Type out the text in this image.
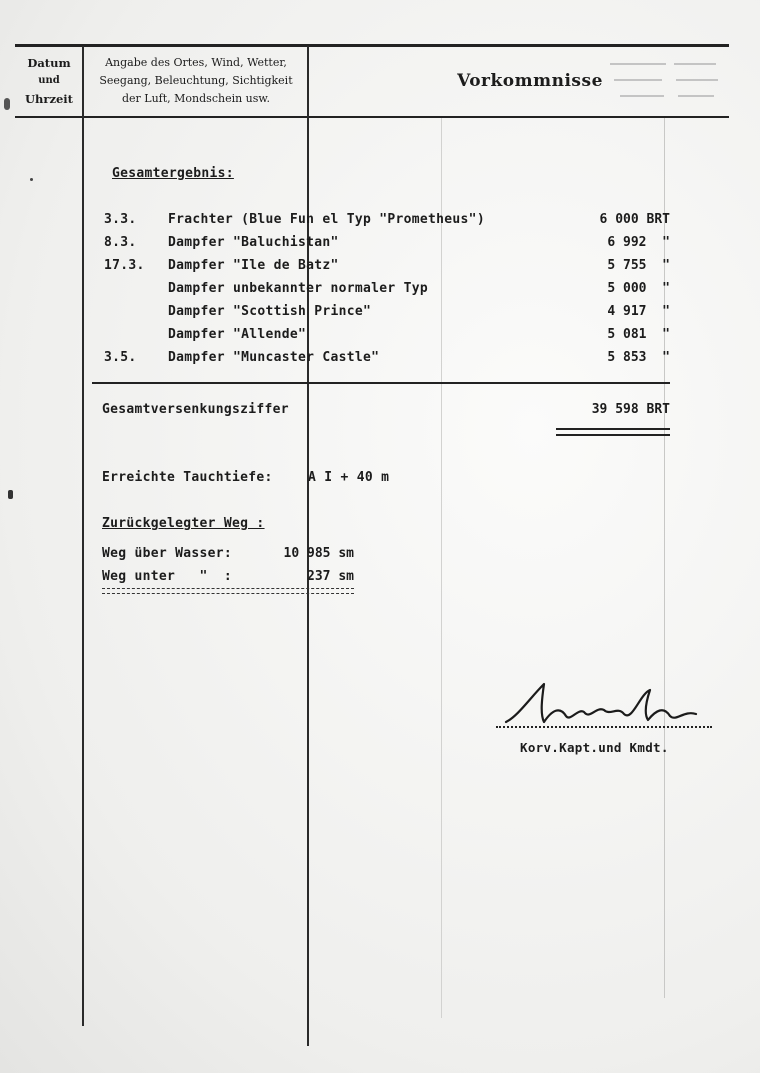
Datum
und
Uhrzeit
Angabe des Ortes, Wind, Wetter,
Seegang, Beleuchtung, Sichtigkeit
der Luft, Mondschein usw.
Vorkommnisse
Gesamtergebnis:
3.3. Frachter (Blue Fun el Typ "Prometheus")	6 000 BRT
8.3. Dampfer "Baluchistan"	6 992  "
17.3. Dampfer "Ile de Batz"	5 755  "
Dampfer unbekannter normaler Typ	5 000  "
Dampfer "Scottish Prince"	4 917  "
Dampfer "Allende"	5 081  "
3.5. Dampfer "Muncaster Castle"	5 853  "
Gesamtversenkungsziffer	39 598 BRT
Erreichte Tauchtiefe:	A I + 40 m
Zurückgelegter Weg :
Weg über Wasser:	10 985 sm
Weg unter   "  :	237 sm
Korv.Kapt.und Kmdt.
